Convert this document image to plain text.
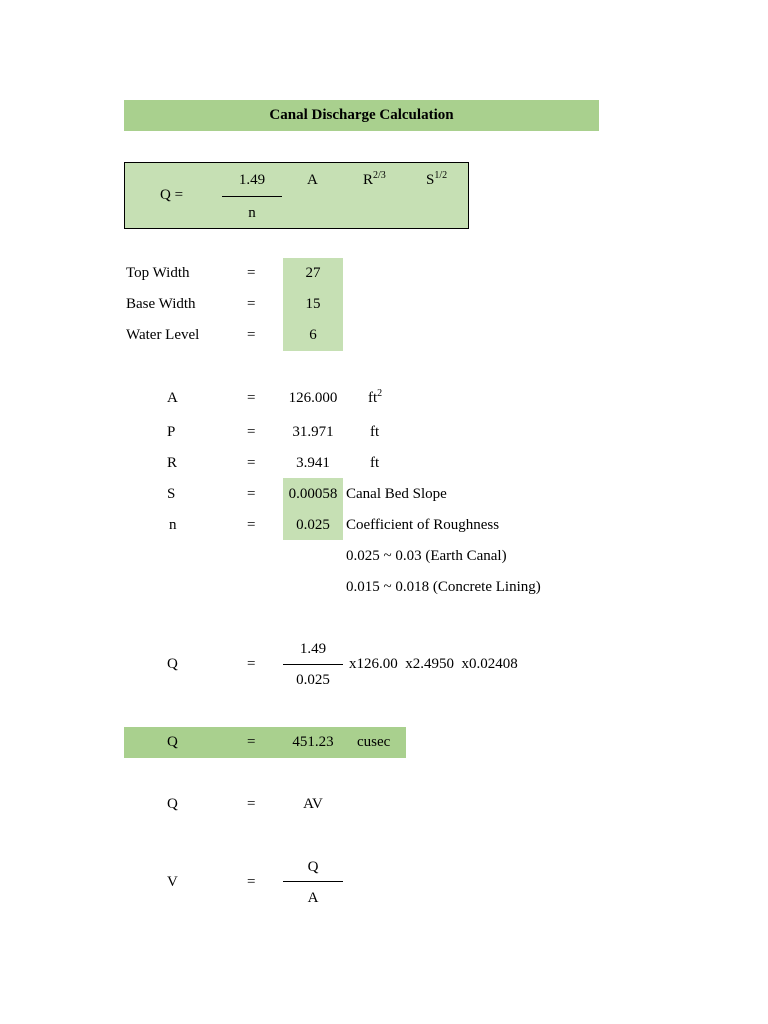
Canal Discharge Calculation
Q =
1.49
n
A	$R^{2/3}$	$S^{1/2}$
Top Width	=	27
Base Width	=	15
Water Level	=	6
A	=	126.000	$ft^2$
P	=	31.971	ft
R	=	3.941	ft
S	=	0.00058 Canal Bed Slope
n	=	0.025	Coefficient of Roughness
0.025 ~ 0.03 (Earth Canal)
0.015 ~ 0.018 (Concrete Lining)
Q	=
1.49
0.025
x126.00  x2.4950  x0.02408
Q	=	451.23	cusec
Q	=	AV
V	=
Q
A
